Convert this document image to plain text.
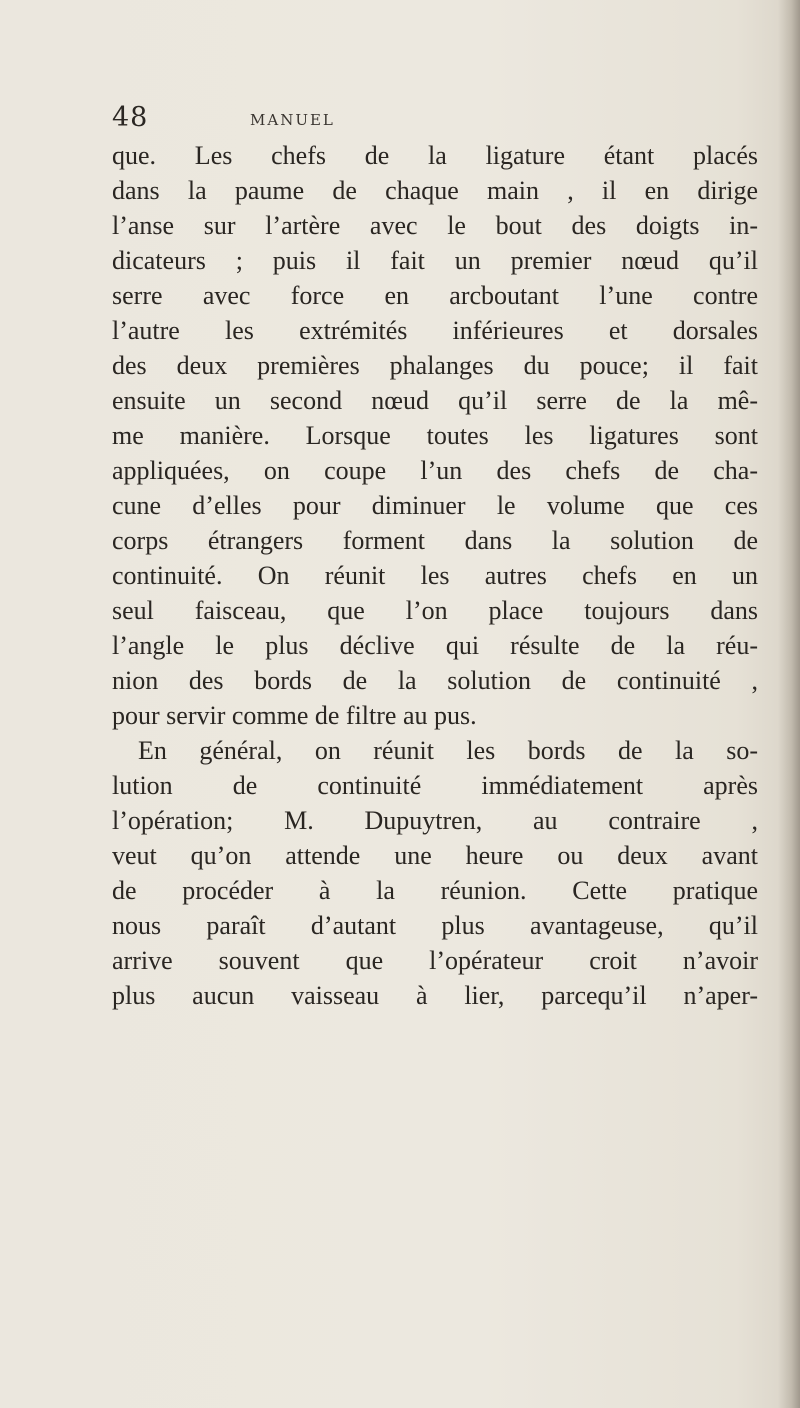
48	MANUEL
que. Les chefs de la ligature étant placés
dans la paume de chaque main , il en dirige
l’anse sur l’artère avec le bout des doigts in-
dicateurs ; puis il fait un premier nœud qu’il
serre avec force en arcboutant l’une contre
l’autre les extrémités inférieures et dorsales
des deux premières phalanges du pouce; il fait
ensuite un second nœud qu’il serre de la mê-
me manière. Lorsque toutes les ligatures sont
appliquées, on coupe l’un des chefs de cha-
cune d’elles pour diminuer le volume que ces
corps étrangers forment dans la solution de
continuité. On réunit les autres chefs en un
seul faisceau, que l’on place toujours dans
l’angle le plus déclive qui résulte de la réu-
nion des bords de la solution de continuité ,
pour servir comme de filtre au pus.
En général, on réunit les bords de la so-
lution de continuité immédiatement après
l’opération; M. Dupuytren, au contraire ,
veut qu’on attende une heure ou deux avant
de procéder à la réunion. Cette pratique
nous paraît d’autant plus avantageuse, qu’il
arrive souvent que l’opérateur croit n’avoir
plus aucun vaisseau à lier, parcequ’il n’aper-
